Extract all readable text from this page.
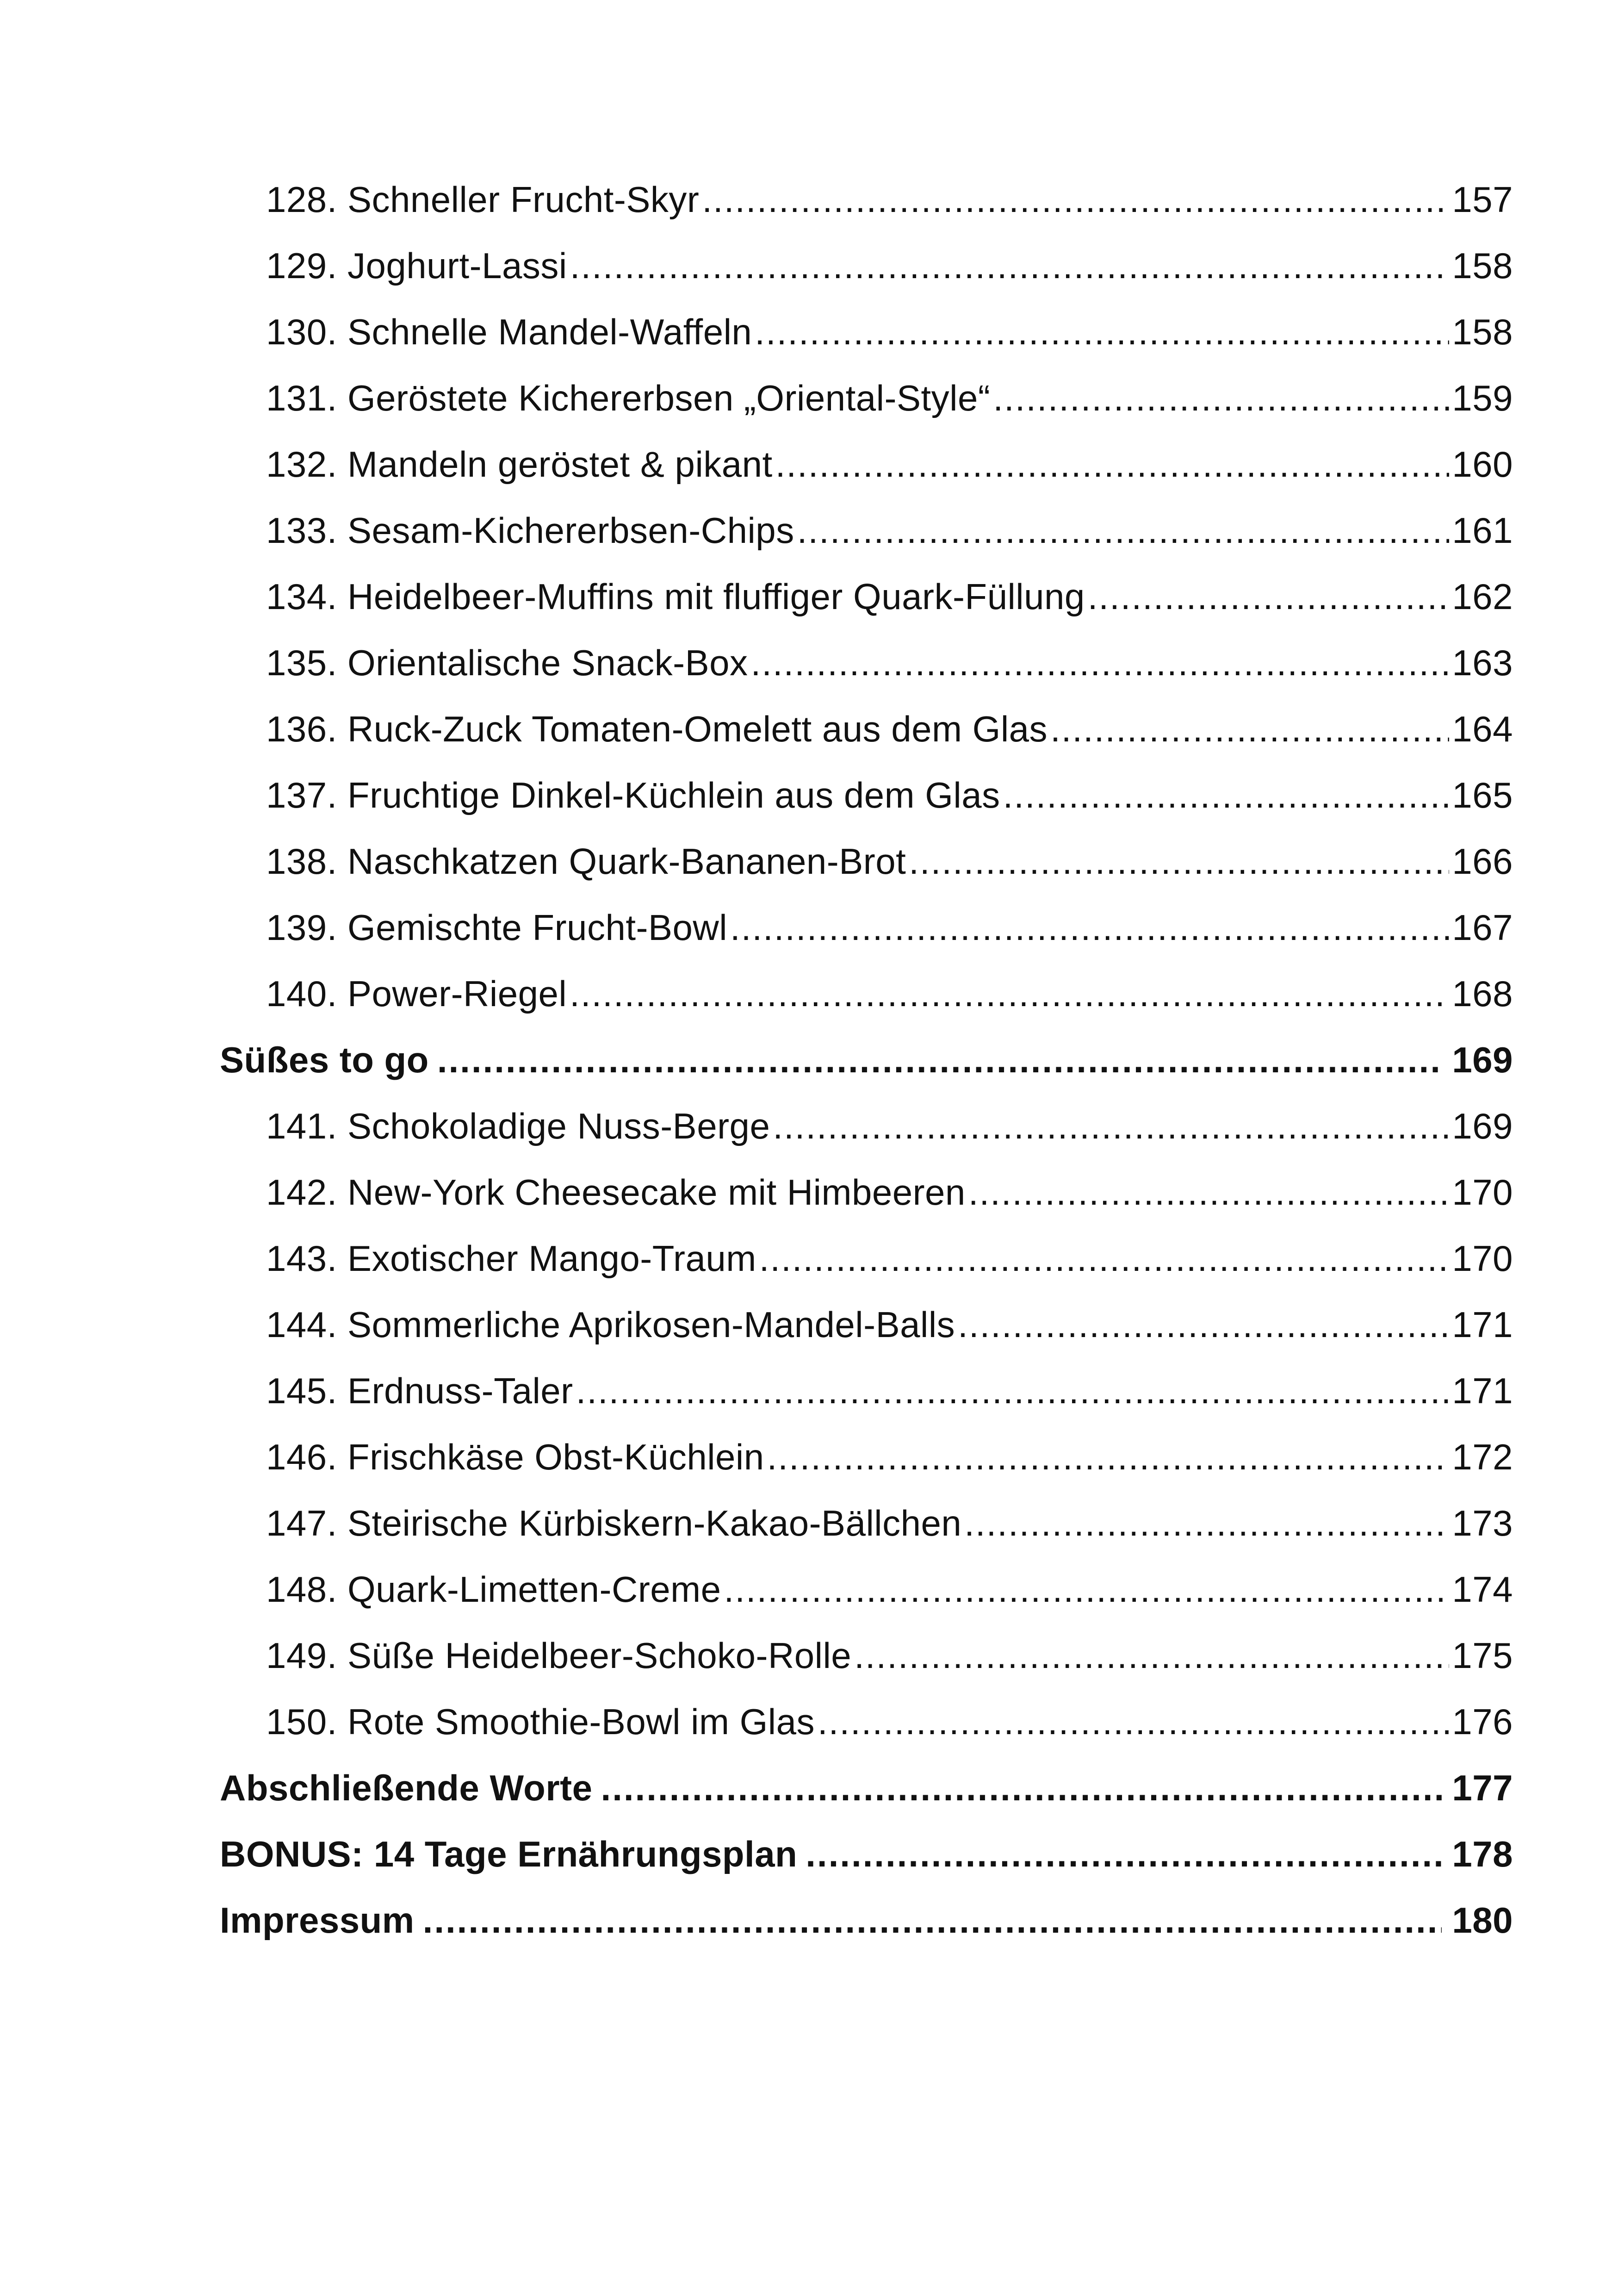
128. Schneller Frucht-Skyr .....	157
129. Joghurt-Lassi .....	158
130. Schnelle Mandel-Waffeln .....	158
131. Geröstete Kichererbsen „Oriental-Style“ .....	159
132. Mandeln geröstet & pikant .....	160
133. Sesam-Kichererbsen-Chips .....	161
134. Heidelbeer-Muffins mit fluffiger Quark-Füllung .....	162
135. Orientalische Snack-Box .....	163
136. Ruck-Zuck Tomaten-Omelett aus dem Glas .....	164
137. Fruchtige Dinkel-Küchlein aus dem Glas .....	165
138. Naschkatzen Quark-Bananen-Brot .....	166
139. Gemischte Frucht-Bowl .....	167
140. Power-Riegel .....	168
Süßes to go .....	169
141. Schokoladige Nuss-Berge .....	169
142. New-York Cheesecake mit Himbeeren .....	170
143. Exotischer Mango-Traum .....	170
144. Sommerliche Aprikosen-Mandel-Balls .....	171
145. Erdnuss-Taler .....	171
146. Frischkäse Obst-Küchlein .....	172
147. Steirische Kürbiskern-Kakao-Bällchen .....	173
148. Quark-Limetten-Creme .....	174
149. Süße Heidelbeer-Schoko-Rolle .....	175
150. Rote Smoothie-Bowl im Glas .....	176
Abschließende Worte .....	177
BONUS: 14 Tage Ernährungsplan .....	178
Impressum .....	180
